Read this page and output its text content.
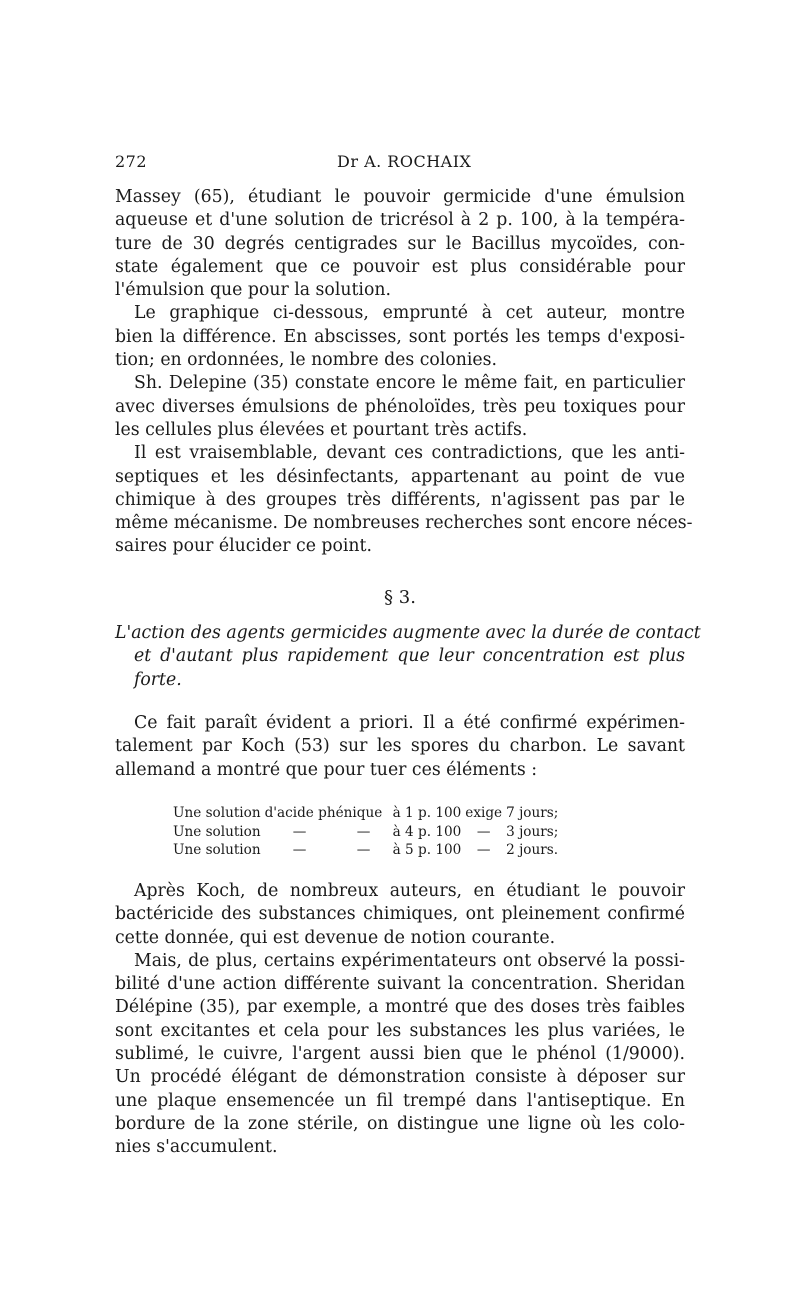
272	Dr A. ROCHAIX
Massey (65), étudiant le pouvoir germicide d'une émulsion
aqueuse et d'une solution de tricrésol à 2 p. 100, à la tempéra-
ture de 30 degrés centigrades sur le Bacillus mycoïdes, con-
state également que ce pouvoir est plus considérable pour
l'émulsion que pour la solution.
Le graphique ci-dessous, emprunté à cet auteur, montre
bien la différence. En abscisses, sont portés les temps d'exposi-
tion; en ordonnées, le nombre des colonies.
Sh. Delepine (35) constate encore le même fait, en particulier
avec diverses émulsions de phénoloïdes, très peu toxiques pour
les cellules plus élevées et pourtant très actifs.
Il est vraisemblable, devant ces contradictions, que les anti-
septiques et les désinfectants, appartenant au point de vue
chimique à des groupes très différents, n'agissent pas par le
même mécanisme. De nombreuses recherches sont encore néces-
saires pour élucider ce point.
§ 3.
L'action des agents germicides augmente avec la durée de contact
et d'autant plus rapidement que leur concentration est plus
forte.
Ce fait paraît évident a priori. Il a été confirmé expérimen-
talement par Koch (53) sur les spores du charbon. Le savant
allemand a montré que pour tuer ces éléments :
Une solution	d'acide phénique		à 1 p. 100	exige	7 jours;
Une solution	—	—	à 4 p. 100	—	3 jours;
Une solution	—	—	à 5 p. 100	—	2 jours.
Après Koch, de nombreux auteurs, en étudiant le pouvoir
bactéricide des substances chimiques, ont pleinement confirmé
cette donnée, qui est devenue de notion courante.
Mais, de plus, certains expérimentateurs ont observé la possi-
bilité d'une action différente suivant la concentration. Sheridan
Délépine (35), par exemple, a montré que des doses très faibles
sont excitantes et cela pour les substances les plus variées, le
sublimé, le cuivre, l'argent aussi bien que le phénol (1/9000).
Un procédé élégant de démonstration consiste à déposer sur
une plaque ensemencée un fil trempé dans l'antiseptique. En
bordure de la zone stérile, on distingue une ligne où les colo-
nies s'accumulent.
